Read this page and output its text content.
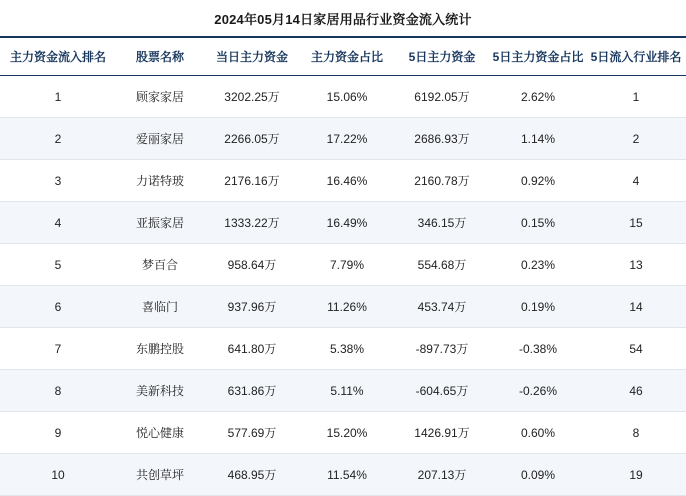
2024年05月14日家居用品行业资金流入统计
主力资金流入排名	股票名称	当日主力资金	主力资金占比	5日主力资金	5日主力资金占比	5日流入行业排名
1	顾家家居	3202.25万	15.06%	6192.05万	2.62%	1
2	爱丽家居	2266.05万	17.22%	2686.93万	1.14%	2
3	力诺特玻	2176.16万	16.46%	2160.78万	0.92%	4
4	亚振家居	1333.22万	16.49%	346.15万	0.15%	15
5	梦百合	958.64万	7.79%	554.68万	0.23%	13
6	喜临门	937.96万	11.26%	453.74万	0.19%	14
7	东鹏控股	641.80万	5.38%	-897.73万	-0.38%	54
8	美新科技	631.86万	5.11%	-604.65万	-0.26%	46
9	悦心健康	577.69万	15.20%	1426.91万	0.60%	8
10	共创草坪	468.95万	11.54%	207.13万	0.09%	19
